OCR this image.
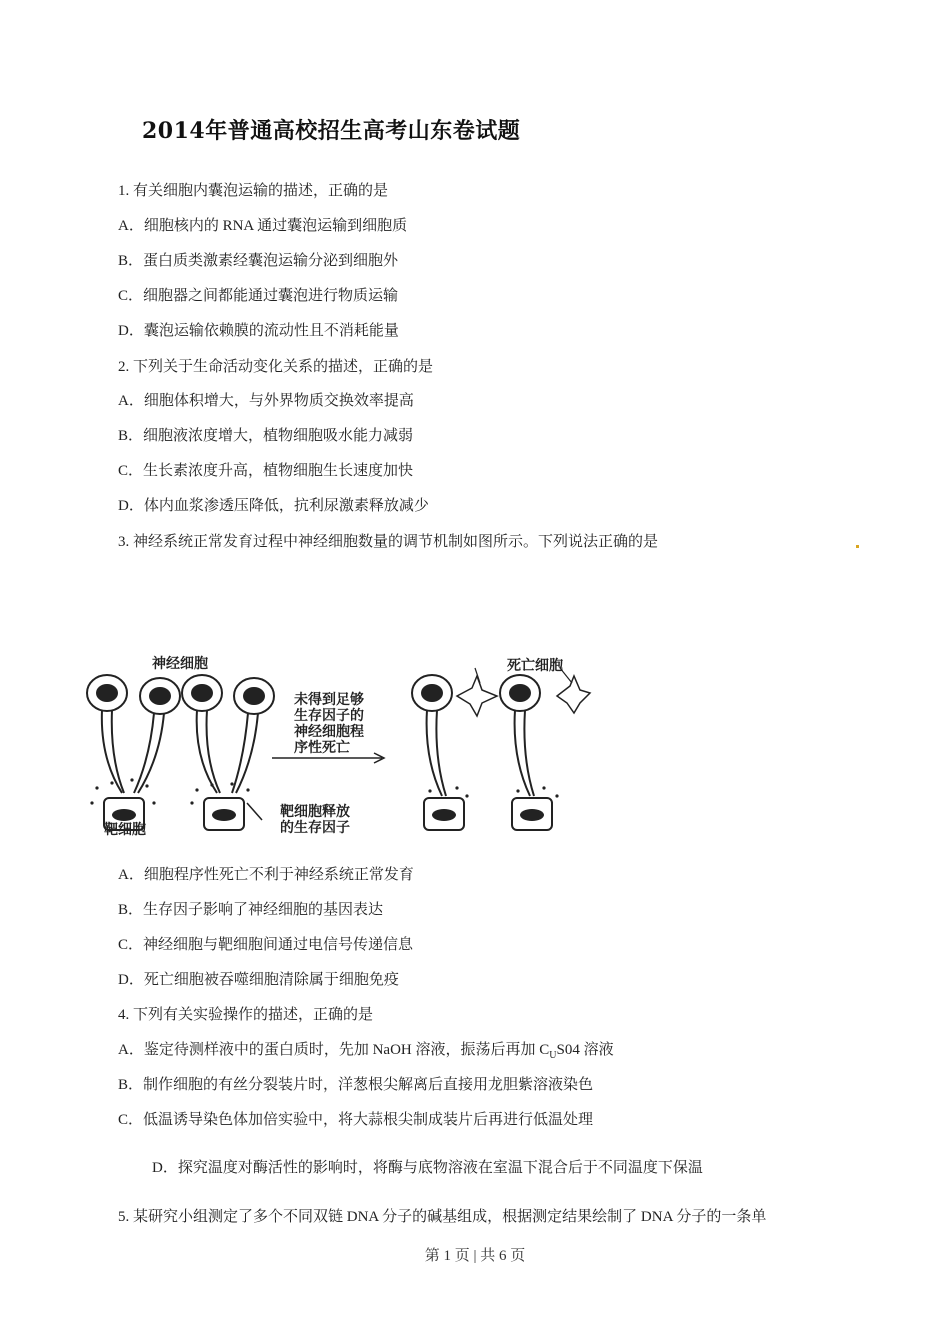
2014年普通高校招生高考山东卷试题
1. 有关细胞内囊泡运输的描述，正确的是
A．细胞核内的 RNA 通过囊泡运输到细胞质
B．蛋白质类激素经囊泡运输分泌到细胞外
C．细胞器之间都能通过囊泡进行物质运输
D．囊泡运输依赖膜的流动性且不消耗能量
2. 下列关于生命活动变化关系的描述，正确的是
A．细胞体积增大，与外界物质交换效率提高
B．细胞液浓度增大，植物细胞吸水能力减弱
C．生长素浓度升高，植物细胞生长速度加快
D．体内血浆渗透压降低，抗利尿激素释放减少
3. 神经系统正常发育过程中神经细胞数量的调节机制如图所示。下列说法正确的是
神经细胞
靶细胞
未得到足够
生存因子的
神经细胞程
序性死亡
靶细胞释放
的生存因子
死亡细胞
A．细胞程序性死亡不利于神经系统正常发育
B．生存因子影响了神经细胞的基因表达
C．神经细胞与靶细胞间通过电信号传递信息
D．死亡细胞被吞噬细胞清除属于细胞免疫
4. 下列有关实验操作的描述，正确的是
A．鉴定待测样液中的蛋白质时，先加 NaOH 溶液，振荡后再加 $C_US04$ 溶液
B．制作细胞的有丝分裂装片时，洋葱根尖解离后直接用龙胆紫溶液染色
C．低温诱导染色体加倍实验中，将大蒜根尖制成装片后再进行低温处理
D．探究温度对酶活性的影响时，将酶与底物溶液在室温下混合后于不同温度下保温
5. 某研究小组测定了多个不同双链 DNA 分子的碱基组成，根据测定结果绘制了 DNA 分子的一条单
第 1 页 | 共 6 页
